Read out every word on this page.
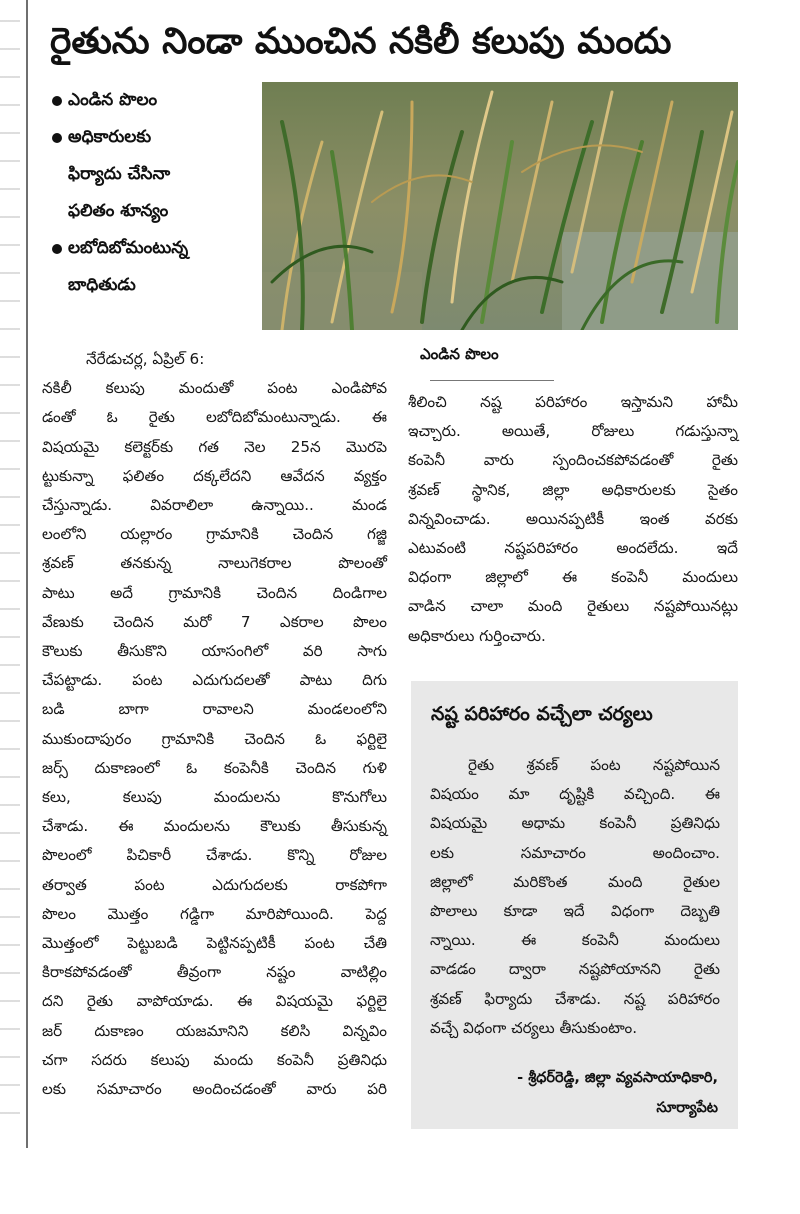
రైతును నిండా ముంచిన నకిలీ కలుపు మందు
ఎండిన పొలం
అధికారులకు
ఫిర్యాదు చేసినా
ఫలితం శూన్యం
లబోదిబోమంటున్న
బాధితుడు
ఎండిన పొలం
నేరేడుచర్ల, ఏప్రిల్ 6:
నకిలీ కలుపు మందుతో పంట ఎండిపోవ
డంతో ఓ రైతు లబోదిబోమంటున్నాడు. ఈ
విషయమై కలెక్టర్‌కు గత నెల 25న మొరపె
ట్టుకున్నా ఫలితం దక్కలేదని ఆవేదన వ్యక్తం
చేస్తున్నాడు. వివరాలిలా ఉన్నాయి.. మండ
లంలోని యల్లారం గ్రామానికి చెందిన గజ్జి
శ్రవణ్ తనకున్న నాలుగెకరాల పొలంతో
పాటు అదే గ్రామానికి చెందిన దిండిగాల
వేణుకు చెందిన మరో 7 ఎకరాల పొలం
కౌలుకు తీసుకొని యాసంగిలో వరి సాగు
చేపట్టాడు. పంట ఎదుగుదలతో పాటు దిగు
బడి బాగా రావాలని మండలంలోని
ముకుందాపురం గ్రామానికి చెందిన ఓ ఫర్టిలై
జర్స్ దుకాణంలో ఓ కంపెనీకి చెందిన గుళి
కలు, కలుపు మందులను కొనుగోలు
చేశాడు. ఈ మందులను కౌలుకు తీసుకున్న
పొలంలో పిచికారీ చేశాడు. కొన్ని రోజుల
తర్వాత పంట ఎదుగుదలకు రాకపోగా
పొలం మొత్తం గడ్డిగా మారిపోయింది. పెద్ద
మొత్తంలో పెట్టుబడి పెట్టినప్పటికీ పంట చేతి
కిరాకపోవడంతో తీవ్రంగా నష్టం వాటిల్లిం
దని రైతు వాపోయాడు. ఈ విషయమై ఫర్టిలై
జర్ దుకాణం యజమానిని కలిసి విన్నవిం
చగా సదరు కలుపు మందు కంపెనీ ప్రతినిధు
లకు సమాచారం అందించడంతో వారు పరి
శీలించి నష్ట పరిహారం ఇస్తామని హామీ
ఇచ్చారు. అయితే, రోజులు గడుస్తున్నా
కంపెనీ వారు స్పందించకపోవడంతో రైతు
శ్రవణ్ స్థానిక, జిల్లా అధికారులకు సైతం
విన్నవించాడు. అయినప్పటికీ ఇంత వరకు
ఎటువంటి నష్టపరిహారం అందలేదు. ఇదే
విధంగా జిల్లాలో ఈ కంపెనీ మందులు
వాడిన చాలా మంది రైతులు నష్టపోయినట్లు
అధికారులు గుర్తించారు.
నష్ట పరిహారం వచ్చేలా చర్యలు
రైతు శ్రవణ్ పంట నష్టపోయిన
విషయం మా దృష్టికి వచ్చింది. ఈ
విషయమై అధామ కంపెనీ ప్రతినిధు
లకు సమాచారం అందించాం.
జిల్లాలో మరికొంత మంది రైతుల
పొలాలు కూడా ఇదే విధంగా దెబ్బతి
న్నాయి. ఈ కంపెనీ మందులు
వాడడం ద్వారా నష్టపోయానని రైతు
శ్రవణ్ ఫిర్యాదు చేశాడు. నష్ట పరిహారం
వచ్చే విధంగా చర్యలు తీసుకుంటాం.
- శ్రీధర్‌రెడ్డి, జిల్లా వ్యవసాయాధికారి,
సూర్యాపేట
